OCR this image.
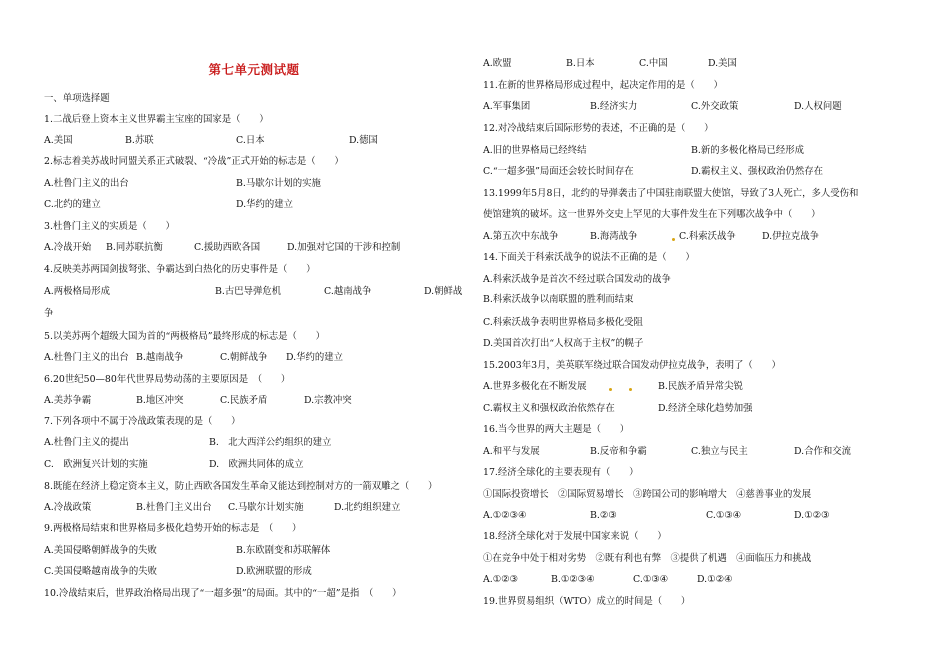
第七单元测试题
一、单项选择题
1.二战后登上资本主义世界霸主宝座的国家是（　　）
A.美国	B.苏联	C.日本	D.德国
2.标志着美苏战时同盟关系正式破裂、“冷战”正式开始的标志是（　　）
A.杜鲁门主义的出台	B.马歇尔计划的实施
C.北约的建立	D.华约的建立
3.杜鲁门主义的实质是（　　）
A.冷战开始 B.同苏联抗衡	C.援助西欧各国	D.加强对它国的干涉和控制
4.反映美苏两国剑拔弩张、争霸达到白热化的历史事件是（　　）
A.两极格局形成	B.古巴导弹危机	C.越南战争	D.朝鲜战
争
5.以美苏两个超级大国为首的“两极格局”最终形成的标志是（　　）
A.杜鲁门主义的出台 B.越南战争	C.朝鲜战争 D.华约的建立
6.20世纪50—80年代世界局势动荡的主要原因是　（　　）
A.美苏争霸	B.地区冲突	C.民族矛盾	D.宗教冲突
7.下列各项中不属于冷战政策表现的是（　　）
A.杜鲁门主义的提出	B.　北大西洋公约组织的建立
C.　欧洲复兴计划的实施	D.　欧洲共同体的成立
8.既能在经济上稳定资本主义，防止西欧各国发生革命又能达到控制对方的一箭双雕之（　　）
A.冷战政策	B.杜鲁门主义出台 C.马歇尔计划实施	D.北约组织建立
9.两极格局结束和世界格局多极化趋势开始的标志是　（　　）
A.美国侵略朝鲜战争的失败	B.东欧剧变和苏联解体
C.美国侵略越南战争的失败	D.欧洲联盟的形成
10.冷战结束后，世界政治格局出现了“一超多强”的局面。其中的“一超”是指　（　　）
A.欧盟	B.日本	C.中国	D.美国
11.在新的世界格局形成过程中，起决定作用的是（　　）
A.军事集团	B.经济实力	C.外交政策	D.人权问题
12.对冷战结束后国际形势的表述，不正确的是（　　）
A.旧的世界格局已经终结	B.新的多极化格局已经形成
C.“一超多强”局面还会较长时间存在	D.霸权主义、强权政治仍然存在
13.1999年5月8日，北约的导弹袭击了中国驻南联盟大使馆，导致了3人死亡，多人受伤和
使馆建筑的破坏。这一世界外交史上罕见的大事件发生在下列哪次战争中（　　）
A.第五次中东战争	B.海湾战争	C.科索沃战争	D.伊拉克战争
14.下面关于科索沃战争的说法不正确的是（　　）
A.科索沃战争是首次不经过联合国发动的战争
B.科索沃战争以南联盟的胜利而结束
C.科索沃战争表明世界格局多极化受阻
D.美国首次打出“人权高于主权”的幌子
15.2003年3月，美英联军绕过联合国发动伊拉克战争，表明了（　　）
A.世界多极化在不断发展	B.民族矛盾异常尖锐
C.霸权主义和强权政治依然存在	D.经济全球化趋势加强
16.当今世界的两大主题是（　　）
A.和平与发展	B.反帝和争霸	C.独立与民主	D.合作和交流
17.经济全球化的主要表现有（　　）
①国际投资增长　②国际贸易增长　③跨国公司的影响增大　④慈善事业的发展
A.①②③④	B.②③	C.①③④	D.①②③
18.经济全球化对于发展中国家来说（　　）
①在竞争中处于相对劣势　②既有利也有弊　③提供了机遇　④面临压力和挑战
A.①②③	B.①②③④	C.①③④	D.①②④
19.世界贸易组织（WTO）成立的时间是（　　）
